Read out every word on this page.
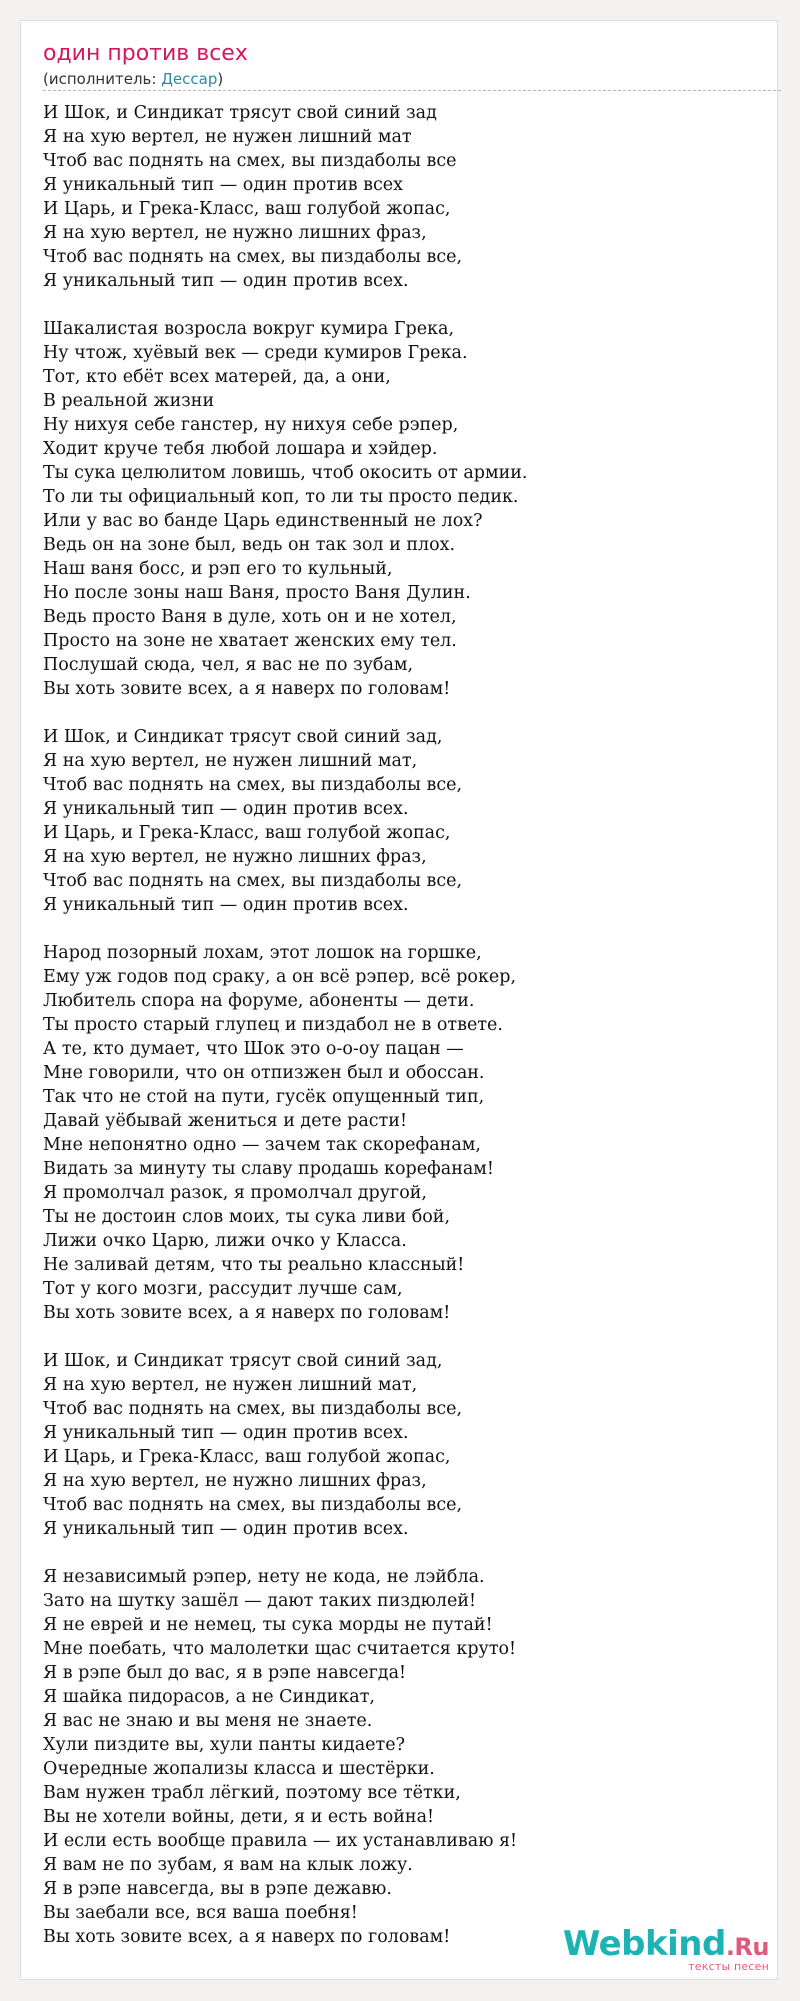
один против всех
(исполнитель: Дессар)
И Шок, и Синдикат трясут свой синий зад
Я на хую вертел, не нужен лишний мат
Чтоб вас поднять на смех, вы пиздаболы все
Я уникальный тип — один против всех
И Царь, и Грека-Класс, ваш голубой жопас,
Я на хую вертел, не нужно лишних фраз,
Чтоб вас поднять на смех, вы пиздаболы все,
Я уникальный тип — один против всех.
Шакалистая возросла вокруг кумира Грека,
Ну чтож, хуёвый век — среди кумиров Грека.
Тот, кто ебёт всех матерей, да, а они,
В реальной жизни
Ну нихуя себе ганстер, ну нихуя себе рэпер,
Ходит круче тебя любой лошара и хэйдер.
Ты сука целюлитом ловишь, чтоб окосить от армии.
То ли ты официальный коп, то ли ты просто педик.
Или у вас во банде Царь единственный не лох?
Ведь он на зоне был, ведь он так зол и плох.
Наш ваня босс, и рэп его то кульный,
Но после зоны наш Ваня, просто Ваня Дулин.
Ведь просто Ваня в дуле, хоть он и не хотел,
Просто на зоне не хватает женских ему тел.
Послушай сюда, чел, я вас не по зубам,
Вы хоть зовите всех, а я наверх по головам!
И Шок, и Синдикат трясут свой синий зад,
Я на хую вертел, не нужен лишний мат,
Чтоб вас поднять на смех, вы пиздаболы все,
Я уникальный тип — один против всех.
И Царь, и Грека-Класс, ваш голубой жопас,
Я на хую вертел, не нужно лишних фраз,
Чтоб вас поднять на смех, вы пиздаболы все,
Я уникальный тип — один против всех.
Народ позорный лохам, этот лошок на горшке,
Ему уж годов под сраку, а он всё рэпер, всё рокер,
Любитель спора на форуме, абоненты — дети.
Ты просто старый глупец и пиздабол не в ответе.
А те, кто думает, что Шок это о-о-оу пацан —
Мне говорили, что он отпизжен был и обоссан.
Так что не стой на пути, гусёк опущенный тип,
Давай уёбывай жениться и дете расти!
Мне непонятно одно — зачем так скорефанам,
Видать за минуту ты славу продашь корефанам!
Я промолчал разок, я промолчал другой,
Ты не достоин слов моих, ты сука ливи бой,
Лижи очко Царю, лижи очко у Класса.
Не заливай детям, что ты реально классный!
Тот у кого мозги, рассудит лучше сам,
Вы хоть зовите всех, а я наверх по головам!
И Шок, и Синдикат трясут свой синий зад,
Я на хую вертел, не нужен лишний мат,
Чтоб вас поднять на смех, вы пиздаболы все,
Я уникальный тип — один против всех.
И Царь, и Грека-Класс, ваш голубой жопас,
Я на хую вертел, не нужно лишних фраз,
Чтоб вас поднять на смех, вы пиздаболы все,
Я уникальный тип — один против всех.
Я независимый рэпер, нету не кода, не лэйбла.
Зато на шутку зашёл — дают таких пиздюлей!
Я не еврей и не немец, ты сука морды не путай!
Мне поебать, что малолетки щас считается круто!
Я в рэпе был до вас, я в рэпе навсегда!
Я шайка пидорасов, а не Синдикат,
Я вас не знаю и вы меня не знаете.
Хули пиздите вы, хули панты кидаете?
Очередные жопализы класса и шестёрки.
Вам нужен трабл лёгкий, поэтому все тётки,
Вы не хотели войны, дети, я и есть война!
И если есть вообще правила — их устанавливаю я!
Я вам не по зубам, я вам на клык ложу.
Я в рэпе навсегда, вы в рэпе дежавю.
Вы заебали все, вся ваша поебня!
Вы хоть зовите всех, а я наверх по головам!	Webkind.Ru
тексты песен
